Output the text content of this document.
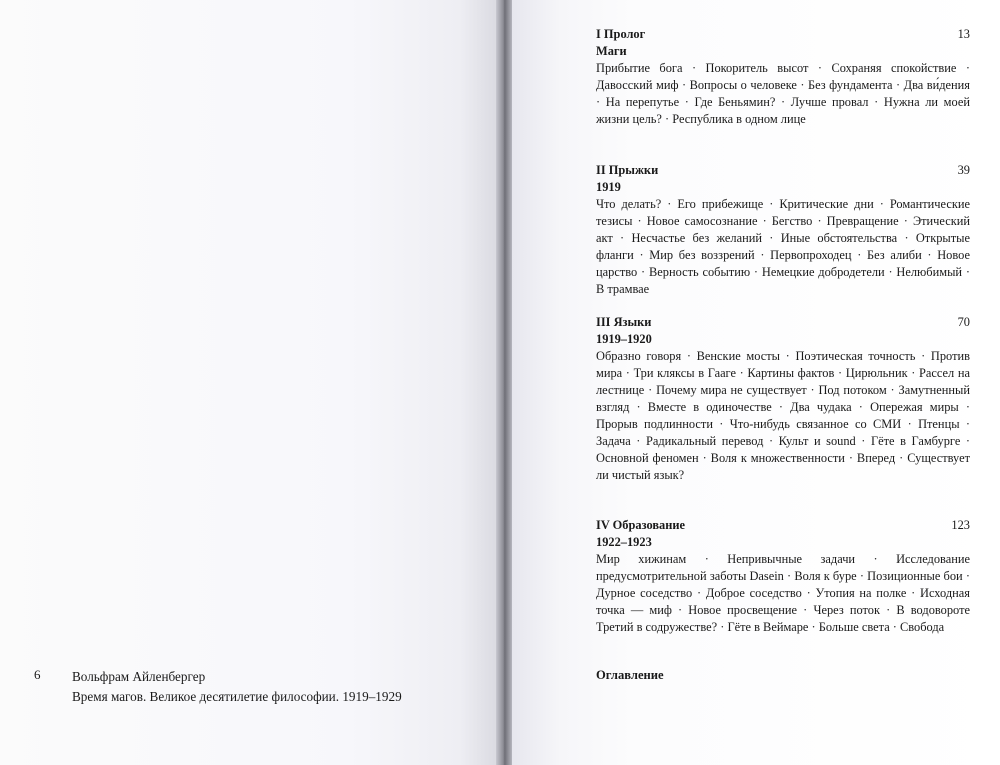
6 Вольфрам Айленбергер
Время магов. Великое десятилетие философии. 1919–1929
I Пролог	13
Маги
Прибытие бога · Покоритель высот · Сохраняя спокойствие · Давосский миф · Вопросы о человеке · Без фундамента · Два ви́дения · На перепутье · Где Беньямин? · Лучше провал · Нужна ли моей жизни цель? · Республика в одном лице
II Прыжки	39
1919
Что делать? · Его прибежище · Критические дни · Романтические тезисы · Новое самосознание · Бегство · Превращение · Этический акт · Несчастье без желаний · Иные обстоятельства · Открытые фланги · Мир без воззрений · Первопроходец · Без алиби · Новое царство · Верность событию · Немецкие добродетели · Нелюбимый · В трамвае
III Языки	70
1919–1920
Образно говоря · Венские мосты · Поэтическая точность · Против мира · Три кляксы в Гааге · Картины фактов · Цирюльник · Рассел на лестнице · Почему мира не существует · Под потоком · Замутненный взгляд · Вместе в одиночестве · Два чудака · Опережая миры · Прорыв подлинности · Что-нибудь связанное со СМИ · Птенцы · Задача · Радикальный перевод · Культ и sound · Гёте в Гамбурге · Основной феномен · Воля к множественности · Вперед · Существует ли чистый язык?
IV Образование	123
1922–1923
Мир хижинам · Непривычные задачи · Исследование предусмотрительной заботы Dasein · Воля к буре · Позиционные бои · Дурное соседство · Доброе соседство · Утопия на полке · Исходная точка — миф · Новое просвещение · Через поток · В водовороте Третий в содружестве? · Гёте в Веймаре · Больше света · Свобода
Оглавление
